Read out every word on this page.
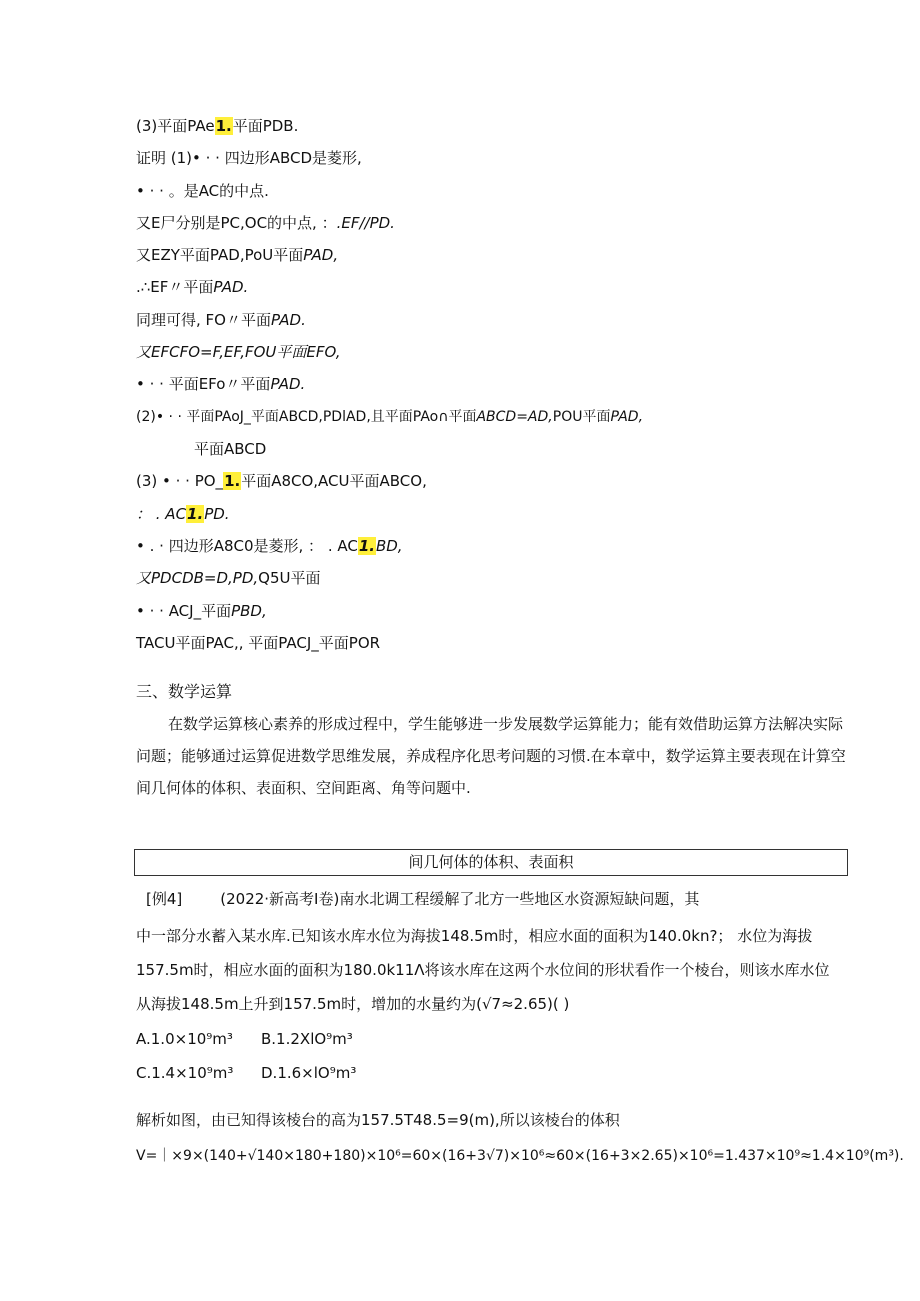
(3)平面PAe1.平面PDB.
证明 (1)• · · 四边形ABCD是菱形,
• · · 。是AC的中点.
又E尸分别是PC,OC的中点, ：.EF//PD.
又EZY平面PAD,PoU平面PAD,
.∴EF〃平面PAD.
同理可得, FO〃平面PAD.
又EFCFO=F,EF,FOU平面EFO,
• · · 平面EFo〃平面PAD.
(2)• · · 平面PAoJ_平面ABCD,PDlAD,且平面PAo∩平面ABCD=AD,POU平面PAD,
平面ABCD
(3) • · · PO_1.平面A8CO,ACU平面ABCO,
： . AC1.PD.
• . · 四边形A8C0是菱形, ： . AC1.BD,
又PDCDB=D,PD,Q5U平面
• · · ACJ_平面PBD,
TACU平面PAC,, 平面PACJ_平面POR
三、数学运算
在数学运算核心素养的形成过程中，学生能够进一步发展数学运算能力；能有效借助运算方法解决实际问题；能够通过运算促进数学思维发展，养成程序化思考问题的习惯.在本章中，数学运算主要表现在计算空间几何体的体积、表面积、空间距离、角等问题中.
间几何体的体积、表面积
[例4]	(2022·新高考Ⅰ卷)南水北调工程缓解了北方一些地区水资源短缺问题，其
中一部分水蓄入某水库.已知该水库水位为海拔148.5m时，相应水面的面积为140.0kn?； 水位为海拔
157.5m时，相应水面的面积为180.0k11Λ将该水库在这两个水位间的形状看作一个棱台，则该水库水位
从海拔148.5m上升到157.5m时，增加的水量约为(√7≈2.65)( )
A.1.0×10⁹m³ B.1.2XlO⁹m³
C.1.4×10⁹m³ D.1.6×lO⁹m³
解析如图，由已知得该棱台的高为157.5T48.5=9(m),所以该棱台的体积
V=｜×9×(140+√140×180+180)×10⁶=60×(16+3√7)×10⁶≈60×(16+3×2.65)×10⁶=1.437×10⁹≈1.4×10⁹(m³).
